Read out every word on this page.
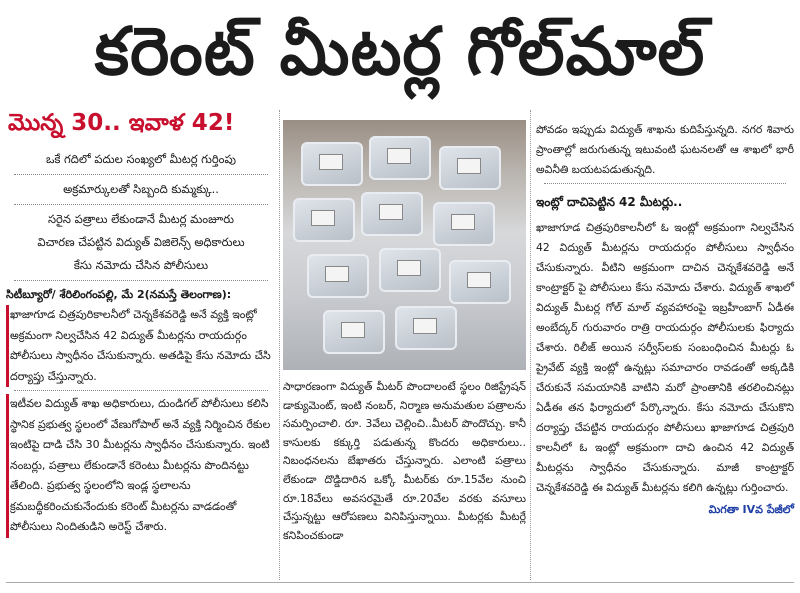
కరెంట్ మీటర్ల గోల్‌మాల్
మొన్న 30.. ఇవాళ 42!

ఒకే గదిలో పదుల సంఖ్యలో మీటర్ల గుర్తింపు

అక్రమార్కులతో సిబ్బంది కుమ్మక్కు..

సరైన పత్రాలు లేకుండానే మీటర్ల మంజూరు

విచారణ చేపట్టిన విద్యుత్ విజిలెన్స్ అధికారులు

కేసు నమోదు చేసిన పోలీసులు

సిటీబ్యూరో/ శేరిలింగంపల్లి, మే 2(నమస్తే తెలంగాణ):
ఖాజాగూడ చిత్రపురికాలనీలో చెన్నకేశవరెడ్డి అనే వ్యక్తి ఇంట్లో అక్రమంగా నిల్వచేసిన 42 విద్యుత్ మీటర్లను రాయదుర్గం పోలీసులు స్వాధీనం చేసుకున్నారు. అతడిపై కేసు నమోదు చేసి దర్యాప్తు చేస్తున్నారు.
ఇటీవల విద్యుత్ శాఖ అధికారులు, దుండిగల్ పోలీసులు కలిసి స్థానిక ప్రభుత్వ స్థలంలో వేణుగోపాల్ అనే వ్యక్తి నిర్మించిన రేకుల ఇంటిపై దాడి చేసి 30 మీటర్లను స్వాధీనం చేసుకున్నారు. ఇంటి నంబర్లు, పత్రాలు లేకుండానే కరెంటు మీటర్లను పొందినట్టు తేలింది. ప్రభుత్వ స్థలంలోని ఇండ్ల స్థలాలను క్రమబద్ధీకరించుకునేందుకు కరెంట్ మీటర్లను వాడడంతో పోలీసులు నిందితుడిని అరెస్ట్ చేశారు.
సాధారణంగా విద్యుత్ మీటర్ పొందాలంటే స్థలం రిజిస్ట్రేషన్ డాక్యుమెంట్, ఇంటి నంబర్, నిర్మాణ అనుమతుల పత్రాలను సమర్పించాలి. రూ. 3వేలు చెల్లించి..మీటర్ పొందొచ్చు. కానీ కాసులకు కక్కుర్తి పడుతున్న కొందరు అధికారులు.. నిబంధనలను బేఖాతరు చేస్తున్నారు. ఎలాంటి పత్రాలు లేకుండా దొడ్డిదారిన ఒక్కో మీటర్‌కు రూ.15వేల నుంచి రూ.18వేలు అవసరమైతే రూ.20వేల వరకు వసూలు చేస్తున్నట్టు ఆరోపణలు వినిపిస్తున్నాయి. మీటర్లకు మీటర్లే కనిపించకుండా
పోవడం ఇప్పుడు విద్యుత్ శాఖను కుదిపేస్తున్నది. నగర శివారు ప్రాంతాల్లో జరుగుతున్న ఇటువంటి ఘటనలతో ఆ శాఖలో భారీ అవినీతి బయటపడుతున్నది.
ఇంట్లో దాచిపెట్టిన 42 మీటర్లు..
ఖాజాగూడ చిత్రపురికాలనీలో ఓ ఇంట్లో అక్రమంగా నిల్వచేసిన 42 విద్యుత్ మీటర్లను రాయదుర్గం పోలీసులు స్వాధీనం చేసుకున్నారు. వీటిని అక్రమంగా దాచిన చెన్నకేశవరెడ్డి అనే కాంట్రాక్టర్ పై పోలీసులు కేసు నమోదు చేశారు. విద్యుత్ శాఖలో విద్యుత్ మీటర్ల గోల్ మాల్ వ్యవహారంపై ఇబ్రహీంబాగ్ ఏడీఈ అంబేద్కర్ గురువారం రాత్రి రాయదుర్గం పోలీసులకు ఫిర్యాదు చేశారు. రిలీజ్ అయిన సర్వీస్‌లకు సంబంధించిన మీటర్లు ఓ ప్రైవేట్ వ్యక్తి ఇంట్లో ఉన్నట్లు సమాచారం రావడంతో అక్కడికి చేరుకునే సమయానికి వాటిని మరో ప్రాంతానికి తరలించినట్లు ఏడీఈ తన ఫిర్యాదులో పేర్కొన్నారు. కేసు నమోదు చేసుకొని దర్యాప్తు చేపట్టిన రాయదుర్గం పోలీసులు ఖాజాగూడ చిత్రపురి కాలనీలో ఓ ఇంట్లో అక్రమంగా దాచి ఉంచిన 42 విద్యుత్ మీటర్లను స్వాధీనం చేసుకున్నారు. మాజీ కాంట్రాక్టర్ చెన్నకేశవరెడ్డి ఈ విద్యుత్ మీటర్లను కలిగి ఉన్నట్లు గుర్తించారు.
మిగతా IVవ పేజీలో
